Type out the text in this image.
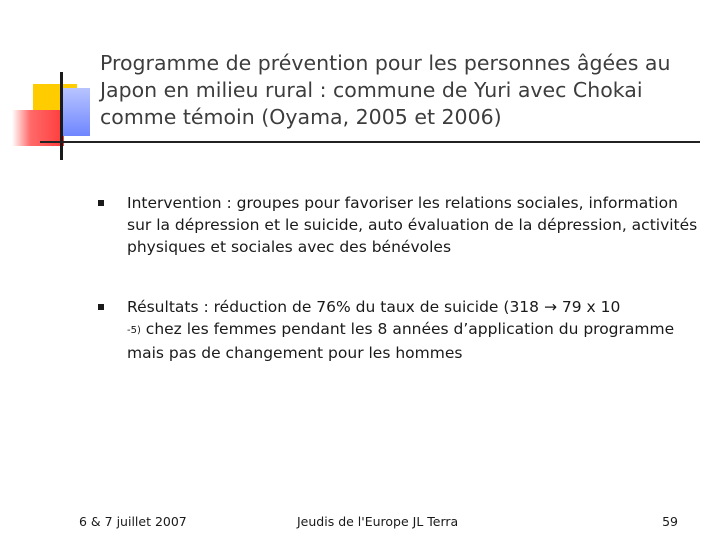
Programme de prévention pour les personnes âgées au Japon en milieu rural : commune de Yuri avec Chokai comme témoin (Oyama, 2005 et 2006)
Intervention : groupes pour favoriser les relations sociales, information sur la dépression et le suicide, auto évaluation de la dépression, activités physiques et sociales avec des bénévoles
Résultats : réduction de 76% du taux de suicide (318 → 79 x 10
-5) chez les femmes pendant les 8 années d’application du programme mais pas de changement pour les hommes
6 & 7 juillet 2007	Jeudis de l'Europe JL Terra	59
